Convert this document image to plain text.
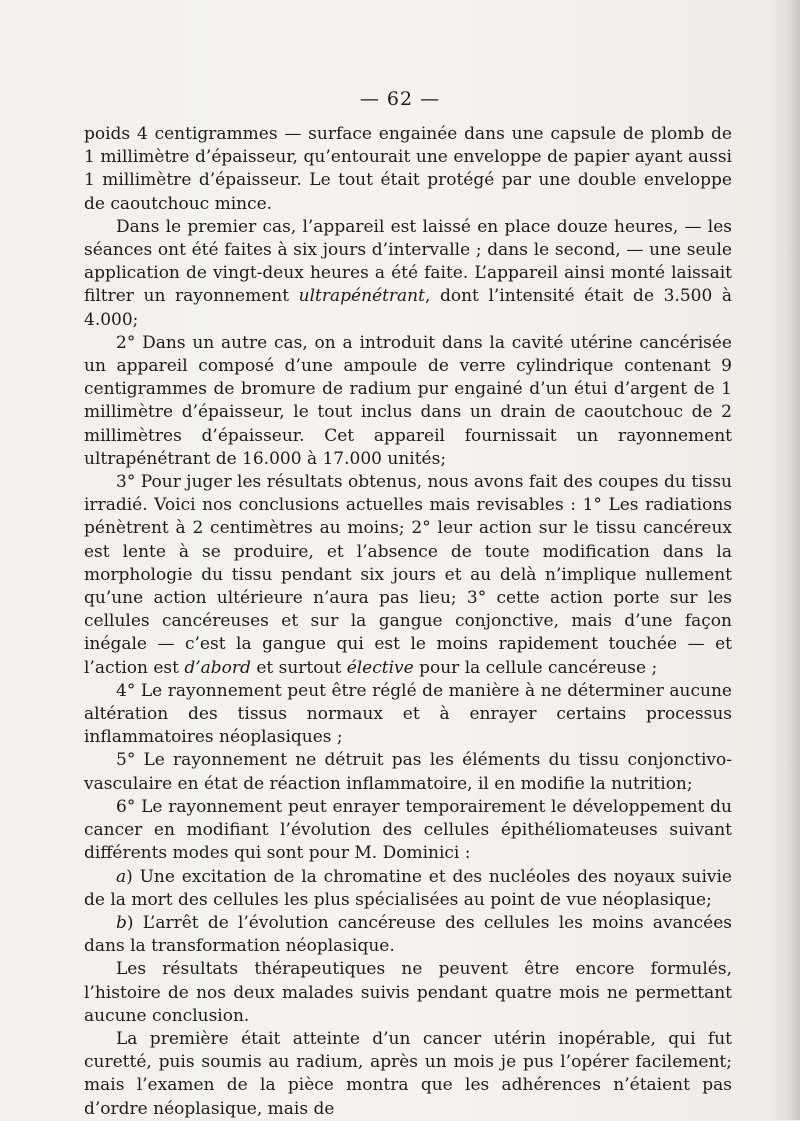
— 62 —

poids 4 centigrammes — surface engainée dans une capsule de plomb de 1 millimètre d’épaisseur, qu’entourait une enveloppe de papier ayant aussi 1 millimètre d’épaisseur. Le tout était protégé par une double enveloppe de caoutchouc mince.

Dans le premier cas, l’appareil est laissé en place douze heures, — les séances ont été faites à six jours d’intervalle ; dans le second, — une seule application de vingt-deux heures a été faite. L’appareil ainsi monté laissait filtrer un rayonnement ultrapénétrant, dont l’intensité était de 3.500 à 4.000;

2° Dans un autre cas, on a introduit dans la cavité utérine cancérisée un appareil composé d’une ampoule de verre cylindrique contenant 9 centigrammes de bromure de radium pur engainé d’un étui d’argent de 1 millimètre d’épaisseur, le tout inclus dans un drain de caoutchouc de 2 millimètres d’épaisseur. Cet appareil fournissait un rayonnement ultrapénétrant de 16.000 à 17.000 unités;

3° Pour juger les résultats obtenus, nous avons fait des coupes du tissu irradié. Voici nos conclusions actuelles mais revisables : 1° Les radiations pénètrent à 2 centimètres au moins; 2° leur action sur le tissu cancéreux est lente à se produire, et l’absence de toute modification dans la morphologie du tissu pendant six jours et au delà n’implique nullement qu’une action ultérieure n’aura pas lieu; 3° cette action porte sur les cellules cancéreuses et sur la gangue conjonctive, mais d’une façon inégale — c’est la gangue qui est le moins rapidement touchée — et l’action est d’abord et surtout élective pour la cellule cancéreuse ;

4° Le rayonnement peut être réglé de manière à ne déterminer aucune altération des tissus normaux et à enrayer certains processus inflammatoires néoplasiques ;

5° Le rayonnement ne détruit pas les éléments du tissu conjonctivo-vasculaire en état de réaction inflammatoire, il en modifie la nutrition;

6° Le rayonnement peut enrayer temporairement le développement du cancer en modifiant l’évolution des cellules épithéliomateuses suivant différents modes qui sont pour M. Dominici :

a) Une excitation de la chromatine et des nucléoles des noyaux suivie de la mort des cellules les plus spécialisées au point de vue néoplasique;

b) L’arrêt de l’évolution cancéreuse des cellules les moins avancées dans la transformation néoplasique.

Les résultats thérapeutiques ne peuvent être encore formulés, l’histoire de nos deux malades suivis pendant quatre mois ne permettant aucune conclusion.

La première était atteinte d’un cancer utérin inopérable, qui fut curetté, puis soumis au radium, après un mois je pus l’opérer facilement; mais l’examen de la pièce montra que les adhérences n’étaient pas d’ordre néoplasique, mais de
